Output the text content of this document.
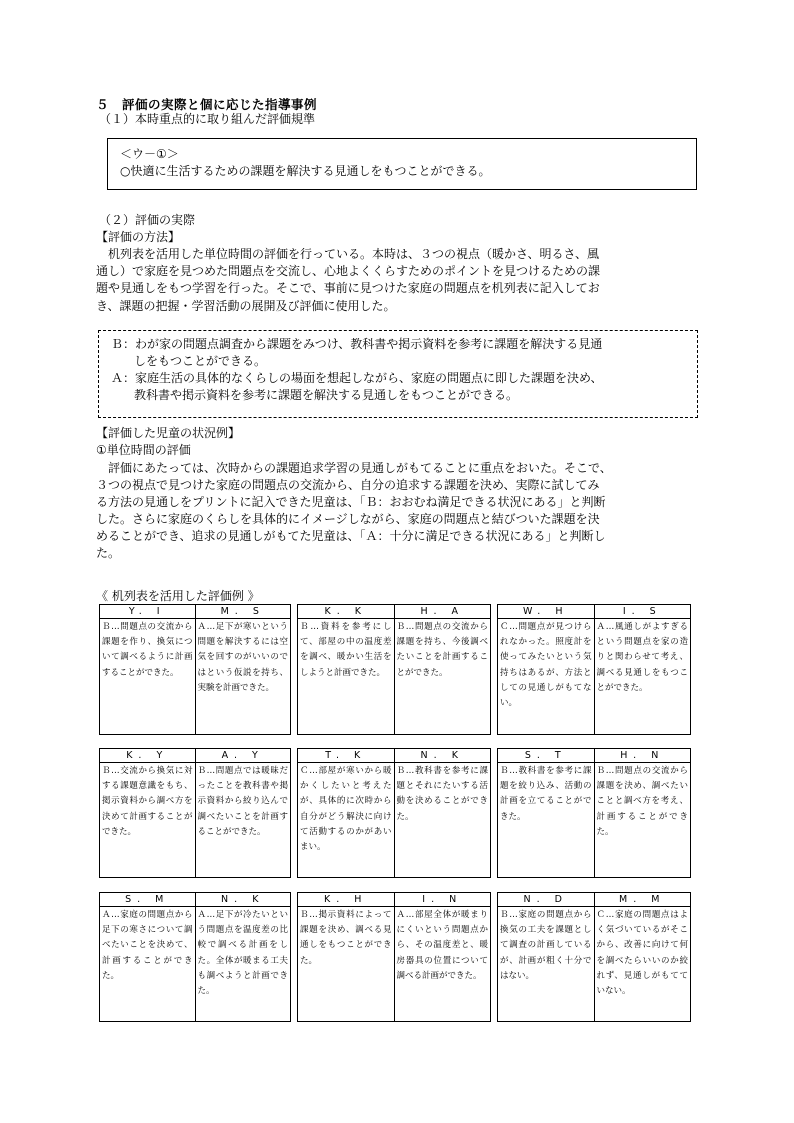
５　評価の実際と個に応じた指導事例
（１）本時重点的に取り組んだ評価規準
＜ウ－①＞
○快適に生活するための課題を解決する見通しをもつことができる。
（２）評価の実際
【評価の方法】
　机列表を活用した単位時間の評価を行っている。本時は、３つの視点（暖かさ、明るさ、風
通し）で家庭を見つめた問題点を交流し、心地よくくらすためのポイントを見つけるための課
題や見通しをもつ学習を行った。そこで、事前に見つけた家庭の問題点を机列表に記入してお
き、課題の把握・学習活動の展開及び評価に使用した。
Ｂ：わが家の問題点調査から課題をみつけ、教科書や掲示資料を参考に課題を解決する見通
しをもつことができる。
Ａ：家庭生活の具体的なくらしの場面を想起しながら、家庭の問題点に即した課題を決め、
教科書や掲示資料を参考に課題を解決する見通しをもつことができる。
【評価した児童の状況例】
①単位時間の評価
　評価にあたっては、次時からの課題追求学習の見通しがもてることに重点をおいた。そこで、
３つの視点で見つけた家庭の問題点の交流から、自分の追求する課題を決め、実際に試してみ
る方法の見通しをプリントに記入できた児童は、「Ｂ：おおむね満足できる状況にある」と判断
した。さらに家庭のくらしを具体的にイメージしながら、家庭の問題点と結びついた課題を決
めることができ、追求の見通しがもてた児童は、「Ａ：十分に満足できる状況にある」と判断し
た。
《 机列表を活用した評価例 》
Y. I
Ｂ…問題点の交流から課題を作り、換気について調べるように計画することができた。
M. S
Ａ…足下が寒いという問題を解決するには空気を回すのがいいのではという仮説を持ち、実験を計画できた。
K. K
Ｂ…資料を参考にして、部屋の中の温度差を調べ、暖かい生活をしようと計画できた。
H. A
Ｂ…問題点の交流から課題を持ち、今後調べたいことを計画することができた。
W. H
Ｃ…問題点が見つけられなかった。照度計を使ってみたいという気持ちはあるが、方法としての見通しがもてない。
I. S
Ａ…風通しがよすぎるという問題点を家の造りと関わらせて考え、調べる見通しをもつことができた。
K. Y
Ｂ…交流から換気に対する課題意識をもち、掲示資料から調べ方を決めて計画することができた。
A. Y
Ｂ…問題点では暖昧だったことを教科書や掲示資料から絞り込んで調べたいことを計画することができた。
T. K
Ｃ…部屋が寒いから暖かくしたいと考えたが、具体的に次時から自分がどう解決に向けて活動するのかがあいまい。
N. K
Ｂ…教科書を参考に課題とそれにたいする活動を決めることができた。
S. T
Ｂ…教科書を参考に課題を絞り込み、活動の計画を立てることができた。
H. N
Ｂ…問題点の交流から課題を決め、調べたいことと調べ方を考え、計画することができた。
S. M
Ａ…家庭の問題点から足下の寒さについて調べたいことを決めて、計画することができた。
N. K
Ａ…足下が冷たいという問題点を温度差の比較で調べる計画をした。全体が暖まる工夫も調べようと計画できた。
K. H
Ｂ…掲示資料によって課題を決め、調べる見通しをもつことができた。
I. N
Ａ…部屋全体が暖まりにくいという問題点から、その温度差と、暖房器具の位置について調べる計画ができた。
N. D
Ｂ…家庭の問題点から換気の工夫を課題として調査の計画しているが、計画が粗く十分ではない。
M. M
Ｃ…家庭の問題点はよく気づいているがそこから、改善に向けて何を調べたらいいのか絞れず、見通しがもてていない。
